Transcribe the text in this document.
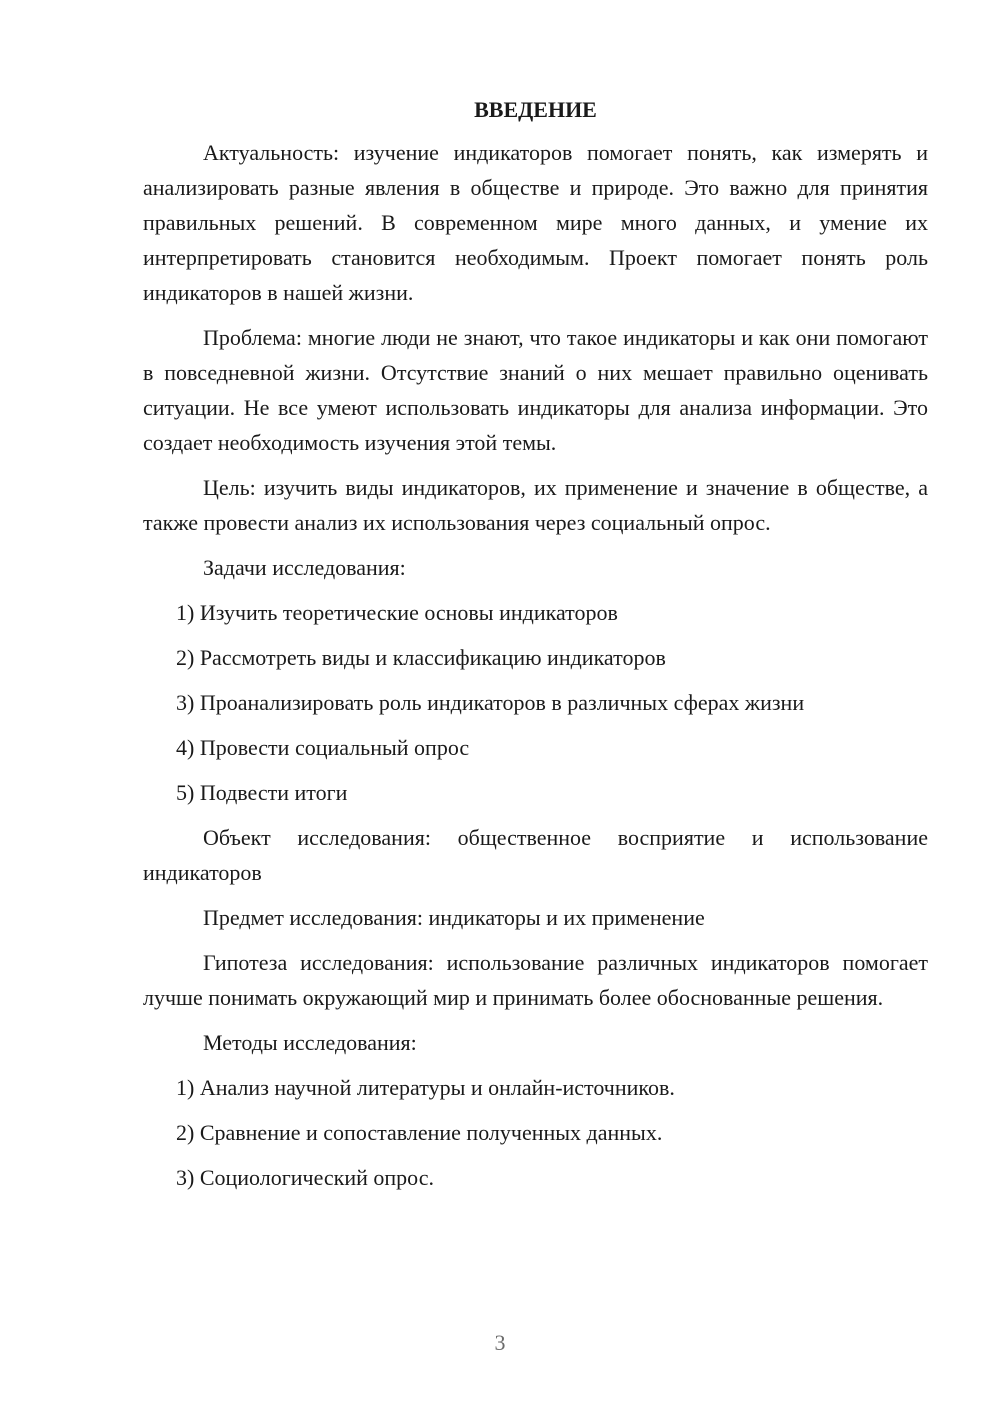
ВВЕДЕНИЕ

Актуальность: изучение индикаторов помогает понять, как измерять и анализировать разные явления в обществе и природе. Это важно для принятия правильных решений. В современном мире много данных, и умение их интерпретировать становится необходимым. Проект помогает понять роль индикаторов в нашей жизни.

Проблема: многие люди не знают, что такое индикаторы и как они помогают в повседневной жизни. Отсутствие знаний о них мешает правильно оценивать ситуации. Не все умеют использовать индикаторы для анализа информации. Это создает необходимость изучения этой темы.

Цель: изучить виды индикаторов, их применение и значение в обществе, а также провести анализ их использования через социальный опрос.

Задачи исследования:

1) Изучить теоретические основы индикаторов
2) Рассмотреть виды и классификацию индикаторов
3) Проанализировать роль индикаторов в различных сферах жизни
4) Провести социальный опрос
5) Подвести итоги

Объект исследования: общественное восприятие и использование индикаторов

Предмет исследования: индикаторы и их применение

Гипотеза исследования: использование различных индикаторов помогает лучше понимать окружающий мир и принимать более обоснованные решения.

Методы исследования:

1) Анализ научной литературы и онлайн-источников.
2) Сравнение и сопоставление полученных данных.
3) Социологический опрос.
3
